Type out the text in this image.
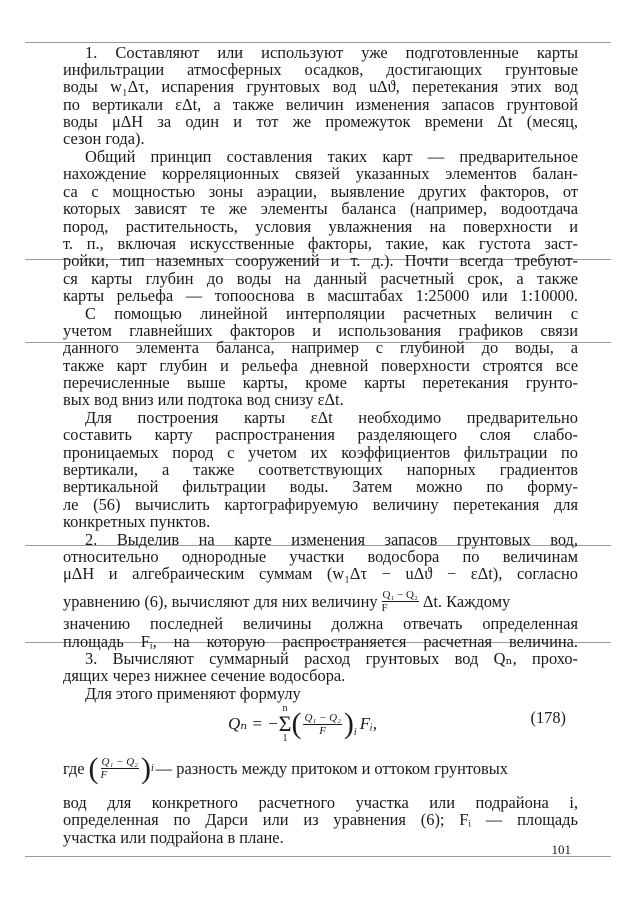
1. Составляют или используют уже подготовленные карты
инфильтрации атмосферных осадков, достигающих грунтовые
воды w₁Δτ, испарения грунтовых вод uΔϑ, перетекания этих вод
по вертикали εΔt, а также величин изменения запасов грунтовой
воды μΔH за один и тот же промежуток времени Δt (месяц,
сезон года).
Общий принцип составления таких карт — предварительное
нахождение корреляционных связей указанных элементов балан-
са с мощностью зоны аэрации, выявление других факторов, от
которых зависят те же элементы баланса (например, водоотдача
пород, растительность, условия увлажнения на поверхности и
т. п., включая искусственные факторы, такие, как густота заст-
ройки, тип наземных сооружений и т. д.). Почти всегда требуют-
ся карты глубин до воды на данный расчетный срок, а также
карты рельефа — топооснова в масштабах 1:25000 или 1:10000.
С помощью линейной интерполяции расчетных величин с
учетом главнейших факторов и использования графиков связи
данного элемента баланса, например с глубиной до воды, а
также карт глубин и рельефа дневной поверхности строятся все
перечисленные выше карты, кроме карты перетекания грунто-
вых вод вниз или подтока вод снизу εΔt.
Для построения карты εΔt необходимо предварительно
составить карту распространения разделяющего слоя слабо-
проницаемых пород с учетом их коэффициентов фильтрации по
вертикали, а также соответствующих напорных градиентов
вертикальной фильтрации воды. Затем можно по форму-
ле (56) вычислить картографируемую величину перетекания для
конкретных пунктов.
2. Выделив на карте изменения запасов грунтовых вод,
относительно однородные участки водосбора по величинам
μΔH и алгебраическим суммам (w₁Δτ − uΔϑ − εΔt), согласно
уравнению (6), вычисляют для них величину $\frac{\text{Q₁ − Q₂}}{F} \Delta t$. Каждому
значению последней величины должна отвечать определенная
площадь Fᵢ, на которую распространяется расчетная величина.
3. Вычисляют суммарный расход грунтовых вод Qₙ, прохо-
дящих через нижнее сечение водосбора.
Для этого применяют формулу
Qₙ = −
n
Σ
1 ( $\frac{\text{Q₁ − Q₂}}{F}$ ) i Fᵢ,	(178)
где ( $\frac{\text{Q₁ − Q₂}}{F}$ ) i — разность между притоком и оттоком грунтовых
вод для конкретного расчетного участка или подрайона i,
определенная по Дарси или из уравнения (6); Fᵢ — площадь
участка или подрайона в плане.
101
